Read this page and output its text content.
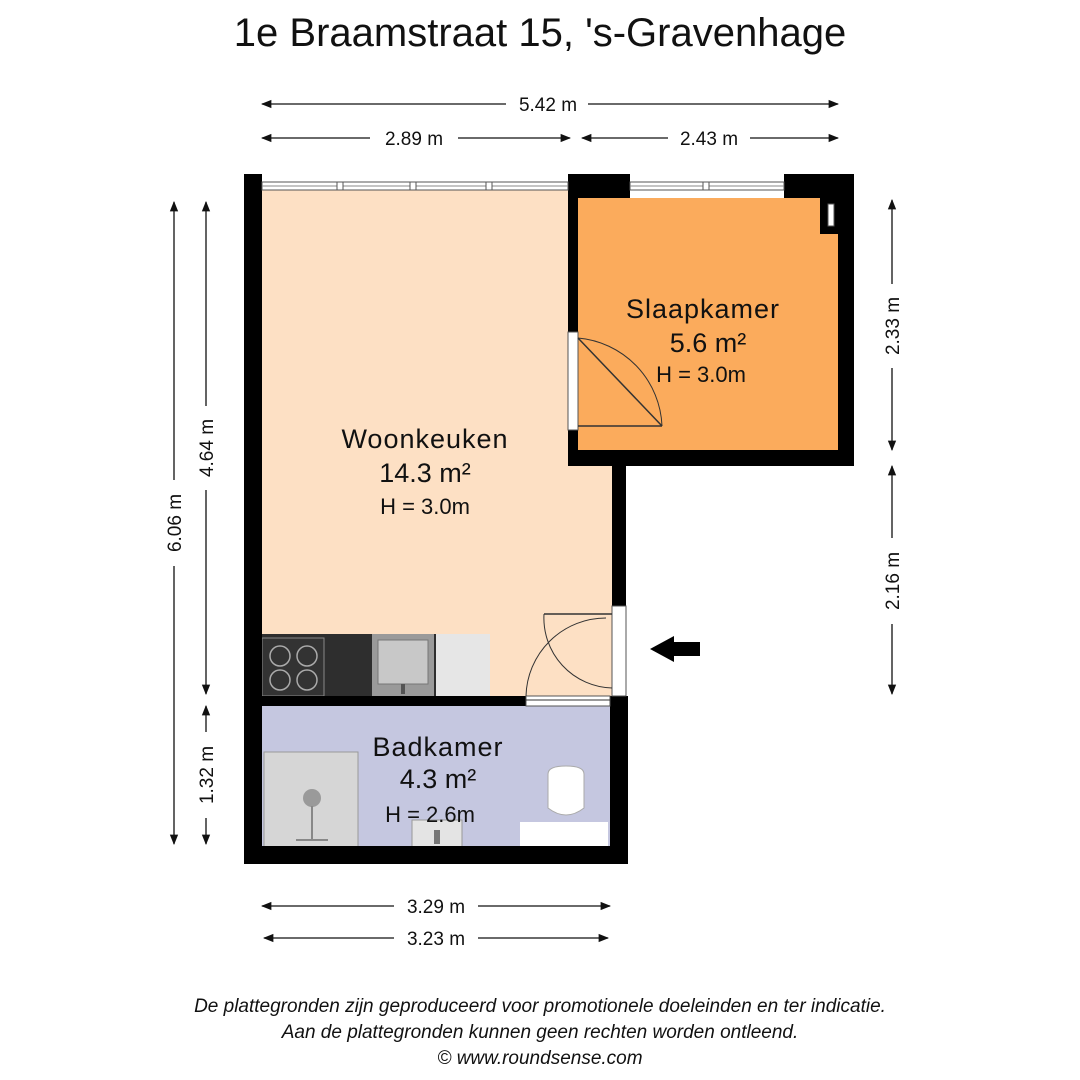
1e Braamstraat 15, 's-Gravenhage
Woonkeuken
14.3 m²
H = 3.0m
Slaapkamer
5.6 m²
H = 3.0m
Badkamer
4.3 m²
H = 2.6m
5.42 m
2.89 m	2.43 m
6.06 m
4.64 m
1.32 m
2.33 m
2.16 m
3.29 m
3.23 m
De plattegronden zijn geproduceerd voor promotionele doeleinden en ter indicatie.
Aan de plattegronden kunnen geen rechten worden ontleend.
© www.roundsense.com
